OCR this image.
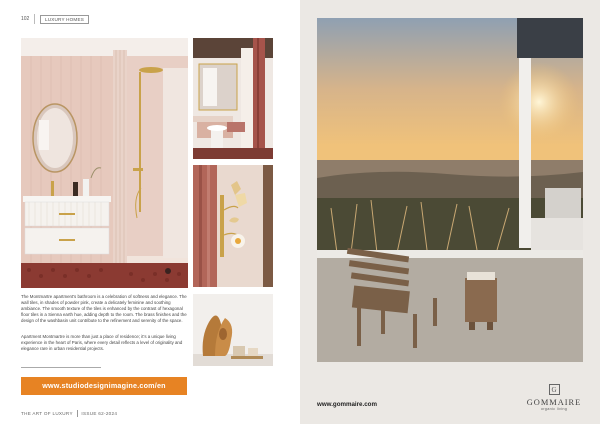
102	LUXURY HOMES

The Montmartre apartment's bathroom is a celebration of softness and elegance. The wall tiles, in shades of powder pink, create a delicately feminine and soothing ambiance. The smooth texture of the tiles is enhanced by the contrast of hexagonal floor tiles in a Sienna earth hue, adding depth to the room. The brass finishes and the design of the washbasin unit contribute to the refinement and serenity of the space.

Apartment Montmartre is more than just a place of residence; it's a unique living experience in the heart of Paris, where every detail reflects a level of originality and elegance rare in urban residential projects.

www.studiodesignimagine.com/en
THE ART OF LUXURY ISSUE 62-2024
www.gommaire.com
G
GOMMAIRE
organic living
